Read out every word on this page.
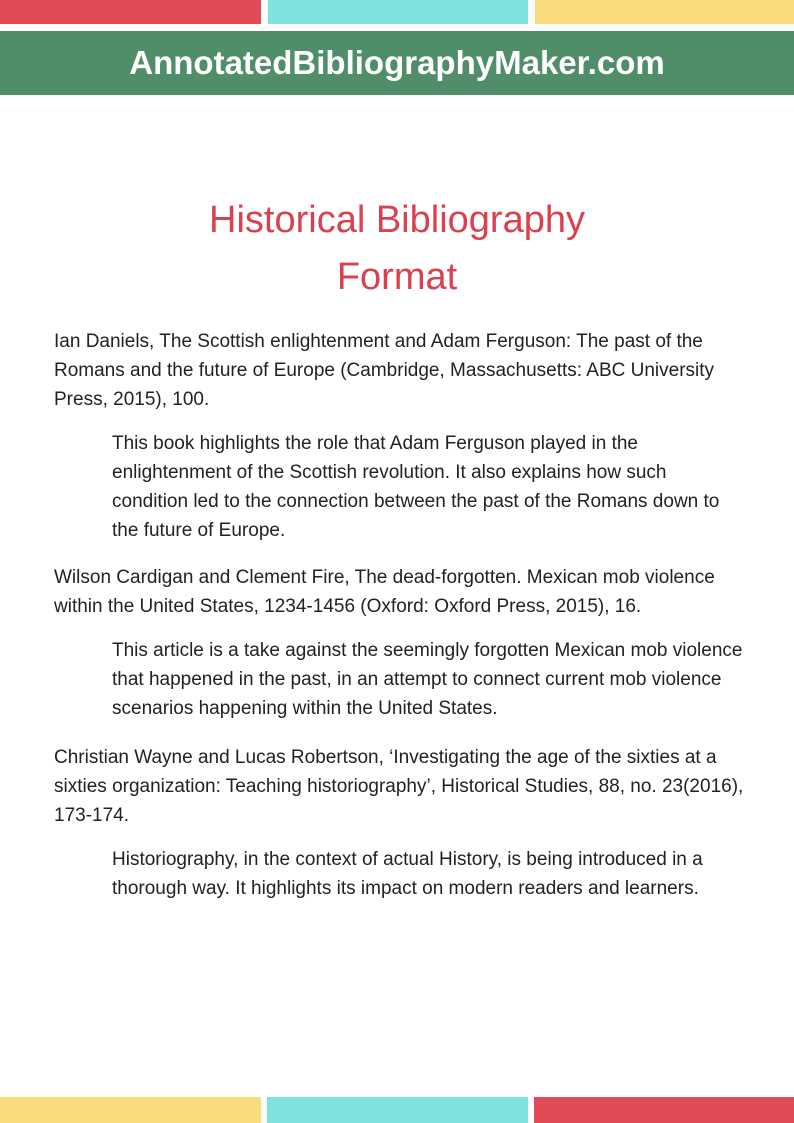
AnnotatedBibliographyMaker.com
Historical Bibliography
Format

Ian Daniels, The Scottish enlightenment and Adam Ferguson: The past of the Romans and the future of Europe (Cambridge, Massachusetts: ABC University Press, 2015), 100.

This book highlights the role that Adam Ferguson played in the enlightenment of the Scottish revolution. It also explains how such condition led to the connection between the past of the Romans down to the future of Europe.

Wilson Cardigan and Clement Fire, The dead-forgotten. Mexican mob violence within the United States, 1234-1456 (Oxford: Oxford Press, 2015), 16.

This article is a take against the seemingly forgotten Mexican mob violence that happened in the past, in an attempt to connect current mob violence scenarios happening within the United States.

Christian Wayne and Lucas Robertson, ‘Investigating the age of the sixties at a sixties organization: Teaching historiography’, Historical Studies, 88, no. 23(2016), 173-174.

Historiography, in the context of actual History, is being introduced in a thorough way. It highlights its impact on modern readers and learners.
